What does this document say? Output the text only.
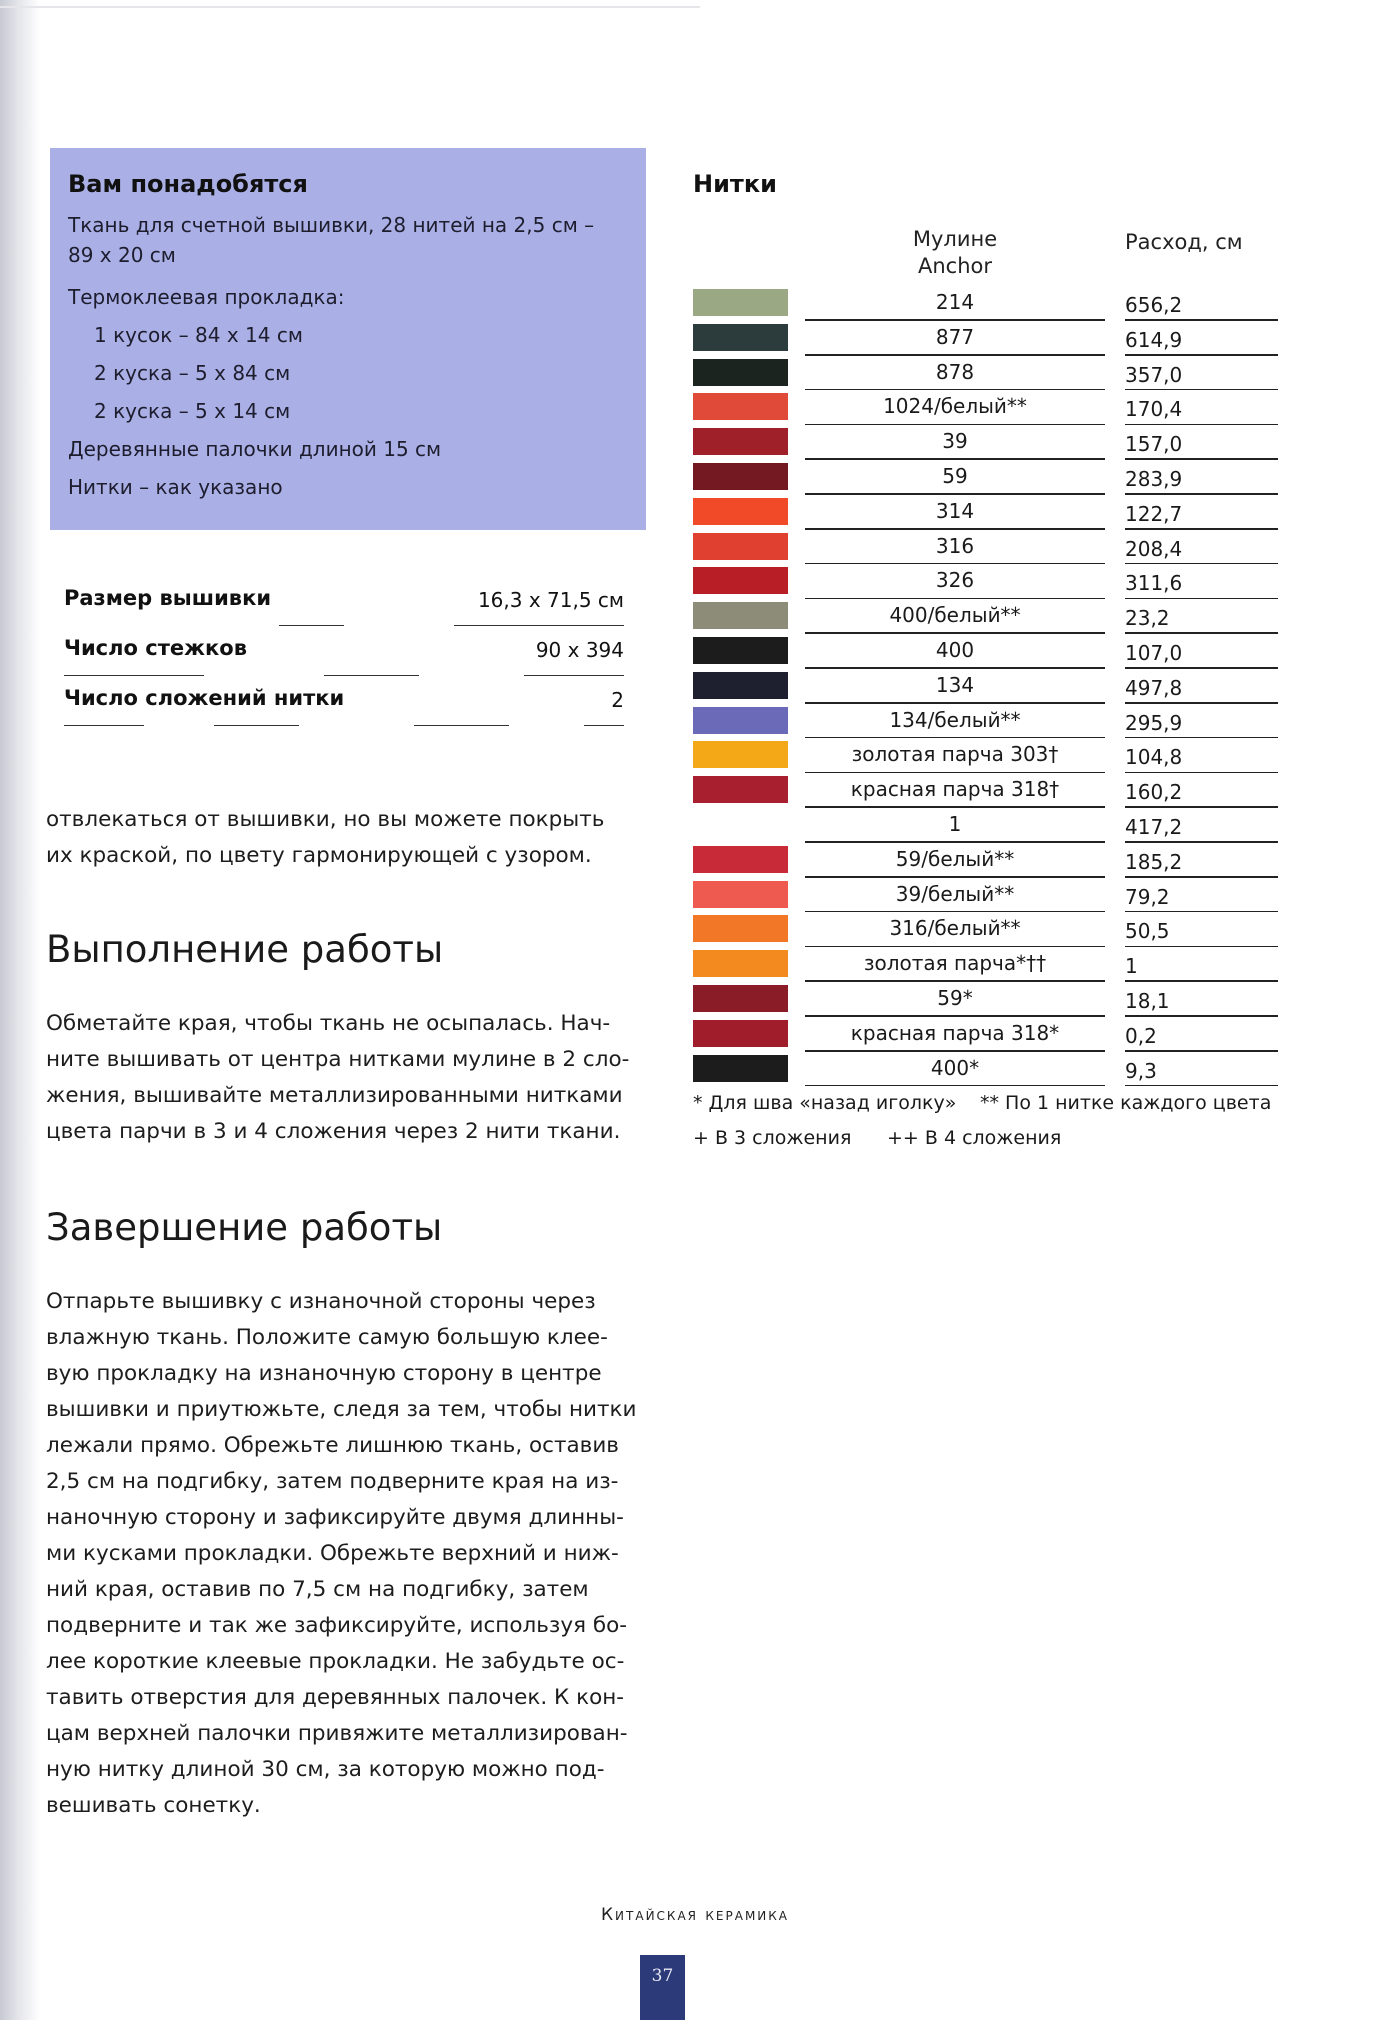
Вам понадобятся

Ткань для счетной вышивки, 28 нитей на 2,5 см – 89 х 20 см

Термоклеевая прокладка:

1 кусок – 84 х 14 см

2 куска – 5 х 84 см

2 куска – 5 х 14 см

Деревянные палочки длиной 15 см

Нитки – как указано

Размер вышивки	16,3 х 71,5 см
Число стежков	90 х 394
Число сложений нитки	2

отвлекаться от вышивки, но вы можете покрыть

их краской, по цвету гармонирующей с узором.

Выполнение работы

Обметайте края, чтобы ткань не осыпалась. Нач-

ните вышивать от центра нитками мулине в 2 сло-

жения, вышивайте металлизированными нитками

цвета парчи в 3 и 4 сложения через 2 нити ткани.

Завершение работы

Отпарьте вышивку с изнаночной стороны через

влажную ткань. Положите самую большую клее-

вую прокладку на изнаночную сторону в центре

вышивки и приутюжьте, следя за тем, чтобы нитки

лежали прямо. Обрежьте лишнюю ткань, оставив

2,5 см на подгибку, затем подверните края на из-

наночную сторону и зафиксируйте двумя длинны-

ми кусками прокладки. Обрежьте верхний и ниж-

ний края, оставив по 7,5 см на подгибку, затем

подверните и так же зафиксируйте, используя бо-

лее короткие клеевые прокладки. Не забудьте ос-

тавить отверстия для деревянных палочек. К кон-

цам верхней палочки привяжите металлизирован-

ную нитку длиной 30 см, за которую можно под-

вешивать сонетку.

Нитки
Мулине
Anchor
Расход, см
214	656,2
877	614,9
878	357,0
1024/белый**	170,4
39	157,0
59	283,9
314	122,7
316	208,4
326	311,6
400/белый**	23,2
400	107,0
134	497,8
134/белый**	295,9
золотая парча 303†	104,8
красная парча 318†	160,2
1	417,2
59/белый**	185,2
39/белый**	79,2
316/белый**	50,5
золотая парча*††	1
59*	18,1
красная парча 318*	0,2
400*	9,3
* Для шва «назад иголку» ** По 1 нитке каждого цвета
+ В 3 сложения ++ В 4 сложения
Китайская керамика
37
